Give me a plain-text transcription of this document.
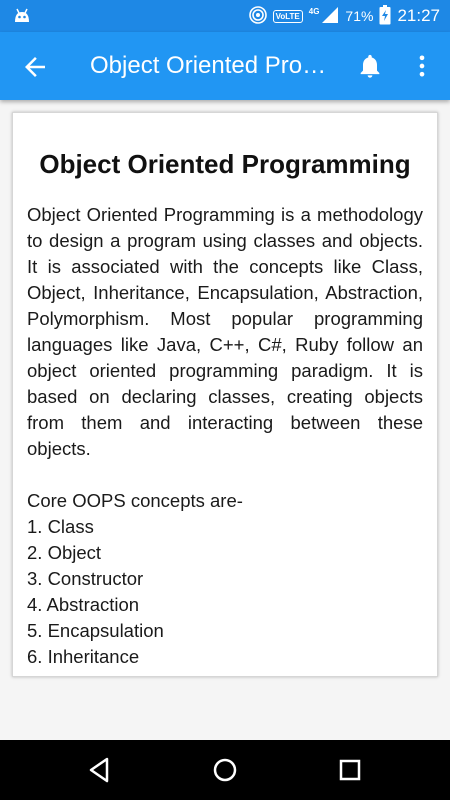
VoLTE
4G 71% 21:27
Object Oriented Pro…
Object Oriented Programming
Object Oriented Programming is a methodology to design a program using classes and objects. It is associated with the concepts like Class, Object, Inheritance, Encapsulation, Abstraction, Polymorphism. Most popular programming languages like Java, C++, C#, Ruby follow an object oriented programming paradigm. It is based on declaring classes, creating objects from them and interacting between these objects.
Core OOPS concepts are-
1. Class
2. Object
3. Constructor
4. Abstraction
5. Encapsulation
6. Inheritance
